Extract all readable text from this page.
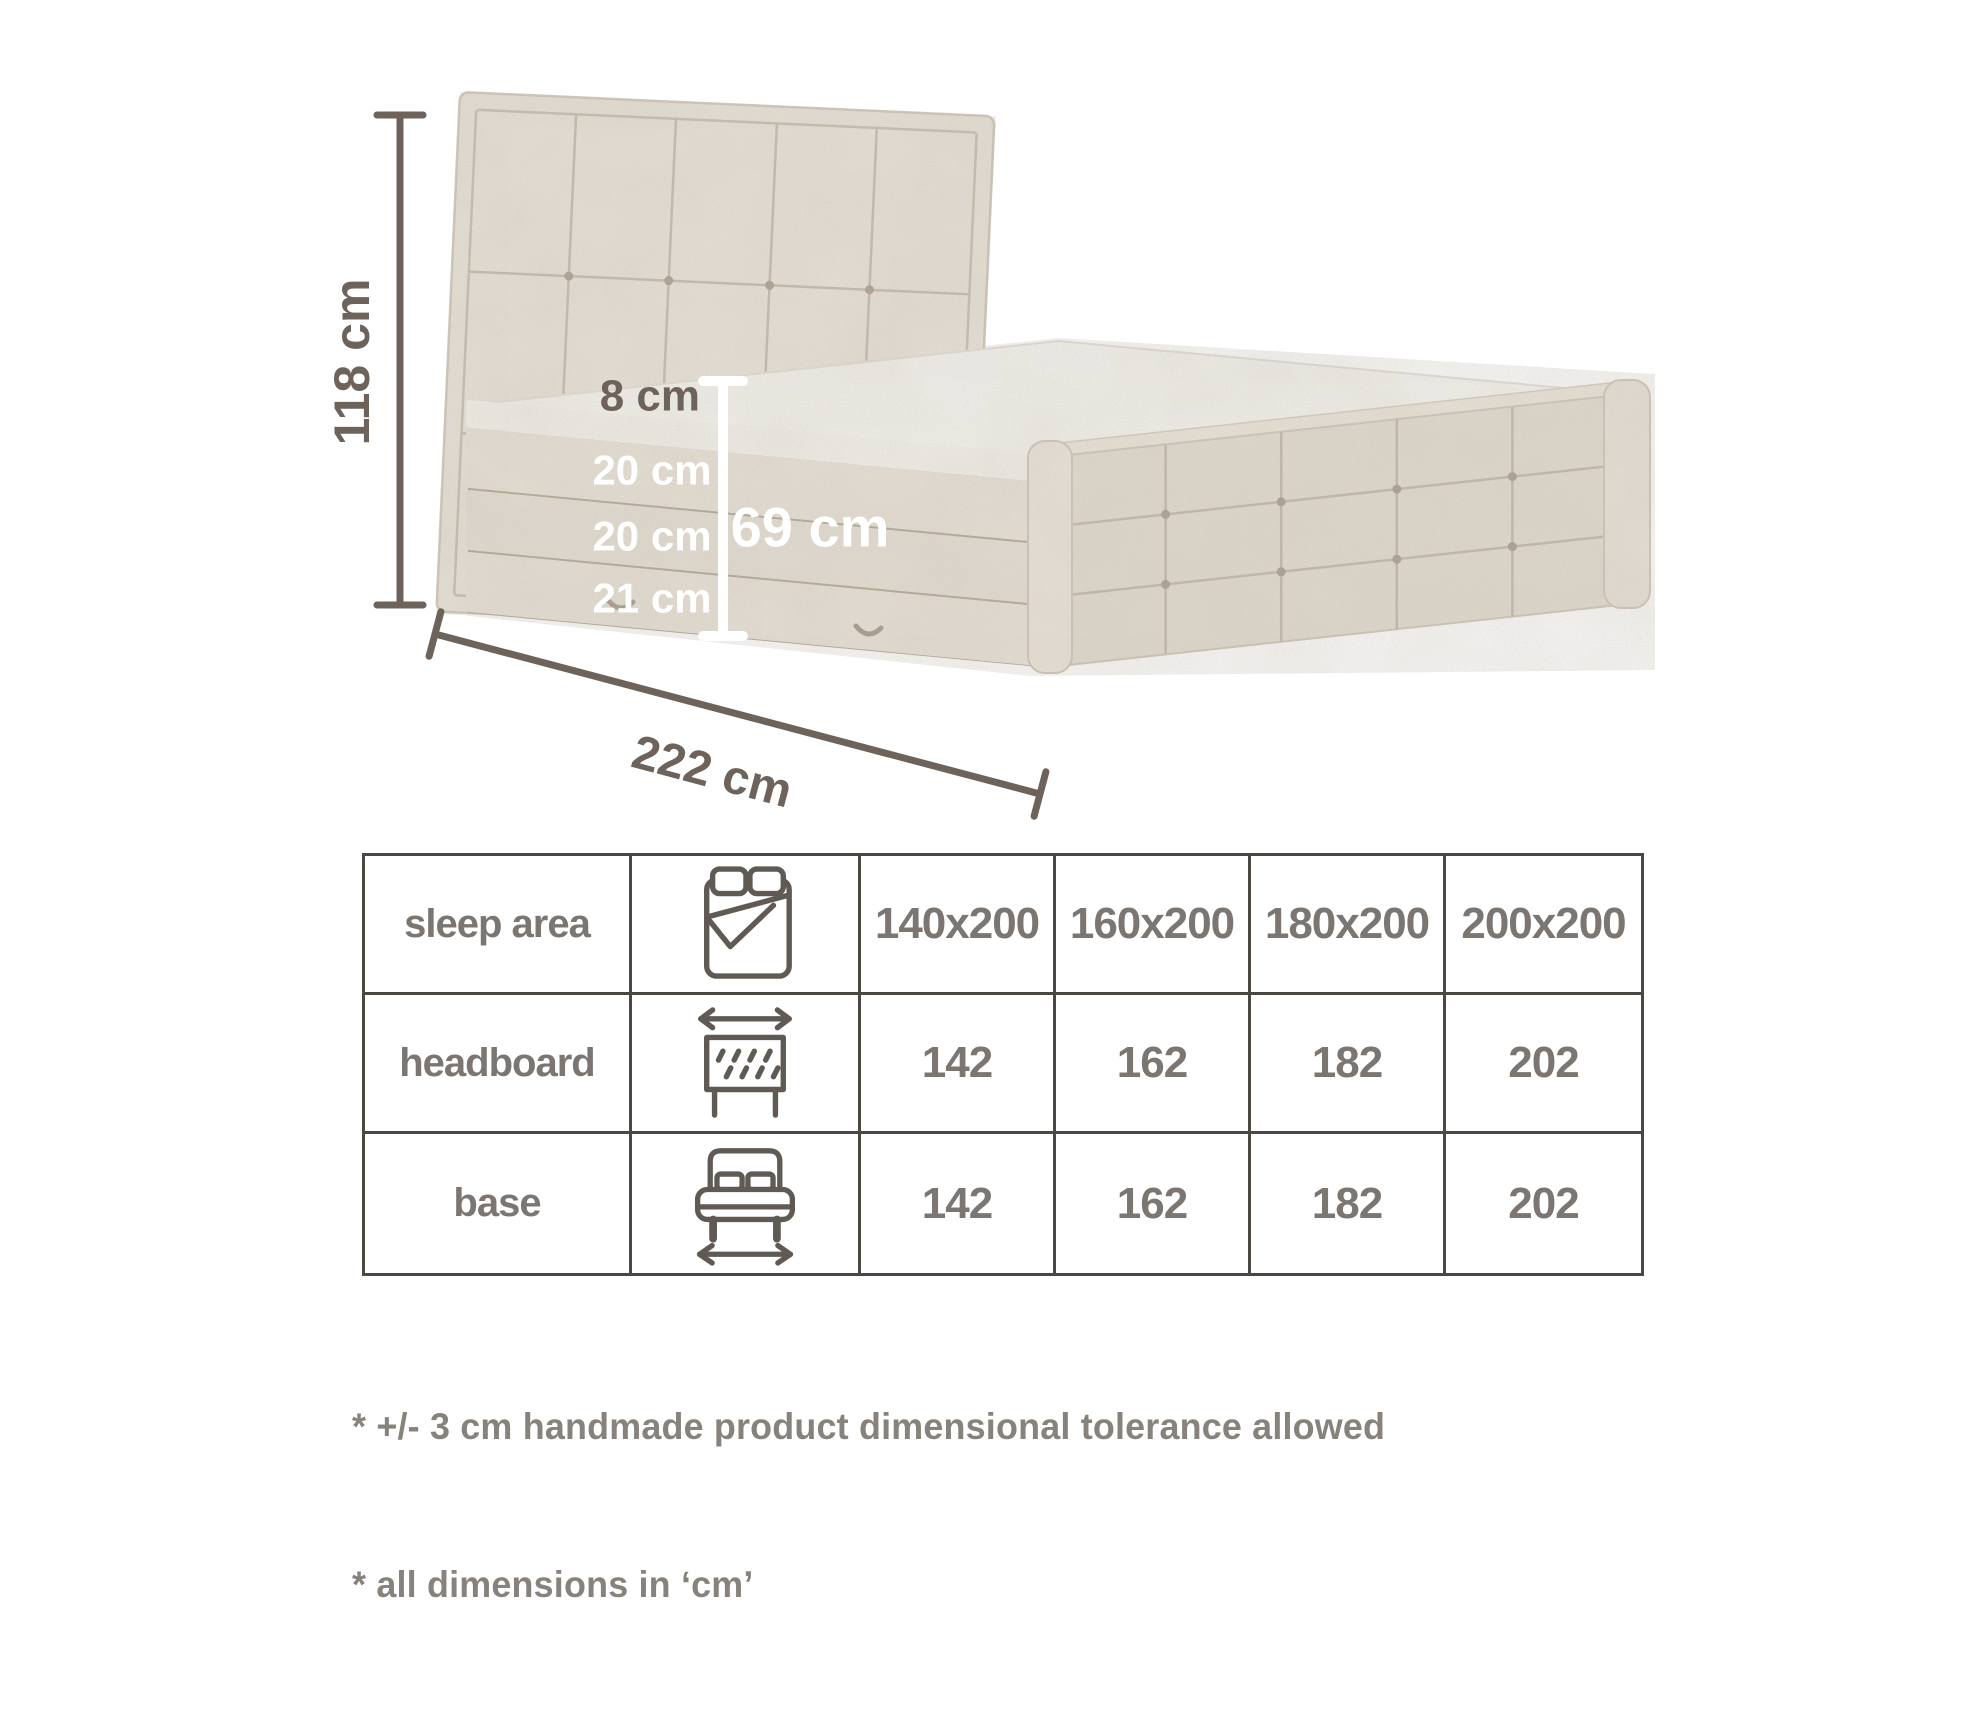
118 cm	8 cm
20 cm
20 cm 69 cm
21 cm
222 cm
sleep area	140x200 160x200 180x200 200x200
headboard	142	162	182	202
base	142	162	182	202

* +/- 3 cm handmade product dimensional tolerance allowed

* all dimensions in ‘cm’
